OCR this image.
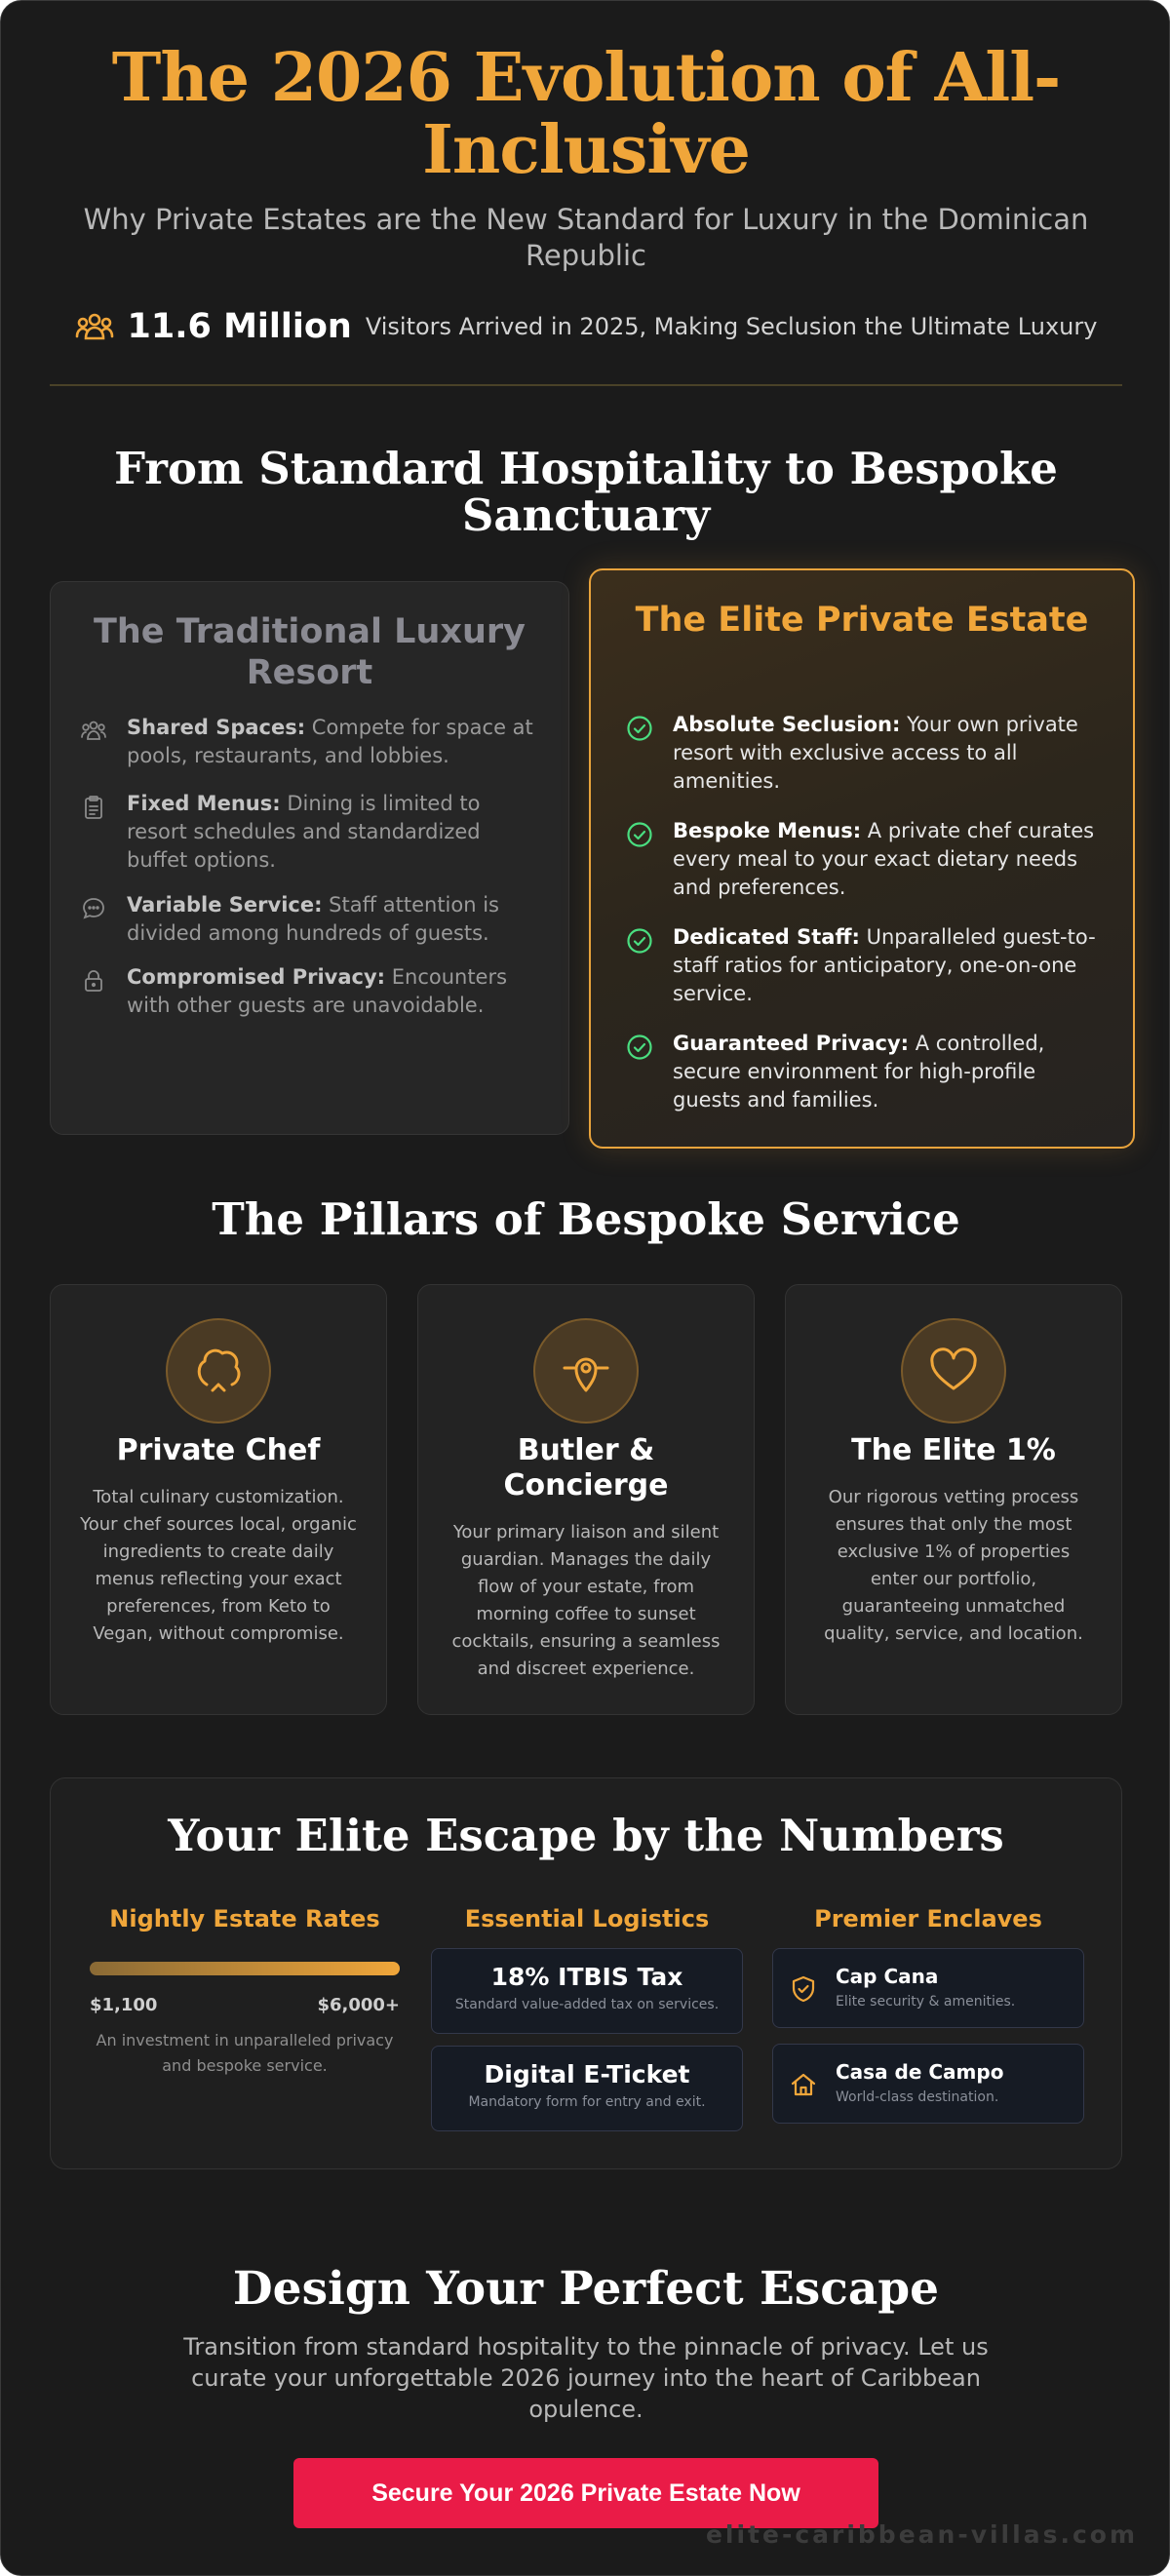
The 2026 Evolution of All-Inclusive
Why Private Estates are the New Standard for Luxury in the Dominican Republic
11.6 Million Visitors Arrived in 2025, Making Seclusion the Ultimate Luxury
From Standard Hospitality to Bespoke Sanctuary
The Traditional Luxury Resort
Shared Spaces: Compete for space at pools, restaurants, and lobbies.
Fixed Menus: Dining is limited to resort schedules and standardized buffet options.
Variable Service: Staff attention is divided among hundreds of guests.
Compromised Privacy: Encounters with other guests are unavoidable.
The Elite Private Estate
Absolute Seclusion: Your own private resort with exclusive access to all amenities.
Bespoke Menus: A private chef curates every meal to your exact dietary needs and preferences.
Dedicated Staff: Unparalleled guest-to-staff ratios for anticipatory, one-on-one service.
Guaranteed Privacy: A controlled, secure environment for high-profile guests and families.
The Pillars of Bespoke Service
Private Chef
Total culinary customization. Your chef sources local, organic ingredients to create daily menus reflecting your exact preferences, from Keto to Vegan, without compromise.
Butler & Concierge
Your primary liaison and silent guardian. Manages the daily flow of your estate, from morning coffee to sunset cocktails, ensuring a seamless and discreet experience.
The Elite 1%
Our rigorous vetting process ensures that only the most exclusive 1% of properties enter our portfolio, guaranteeing unmatched quality, service, and location.
Your Elite Escape by the Numbers
Nightly Estate Rates
$1,100	$6,000+
An investment in unparalleled privacy and bespoke service.
Essential Logistics
18% ITBIS Tax
Standard value-added tax on services.
Digital E-Ticket
Mandatory form for entry and exit.
Premier Enclaves
Cap Cana
Elite security & amenities.
Casa de Campo
World-class destination.
Design Your Perfect Escape
Transition from standard hospitality to the pinnacle of privacy. Let us curate your unforgettable 2026 journey into the heart of Caribbean opulence.
Secure Your 2026 Private Estate Now
elite-caribbean-villas.com
